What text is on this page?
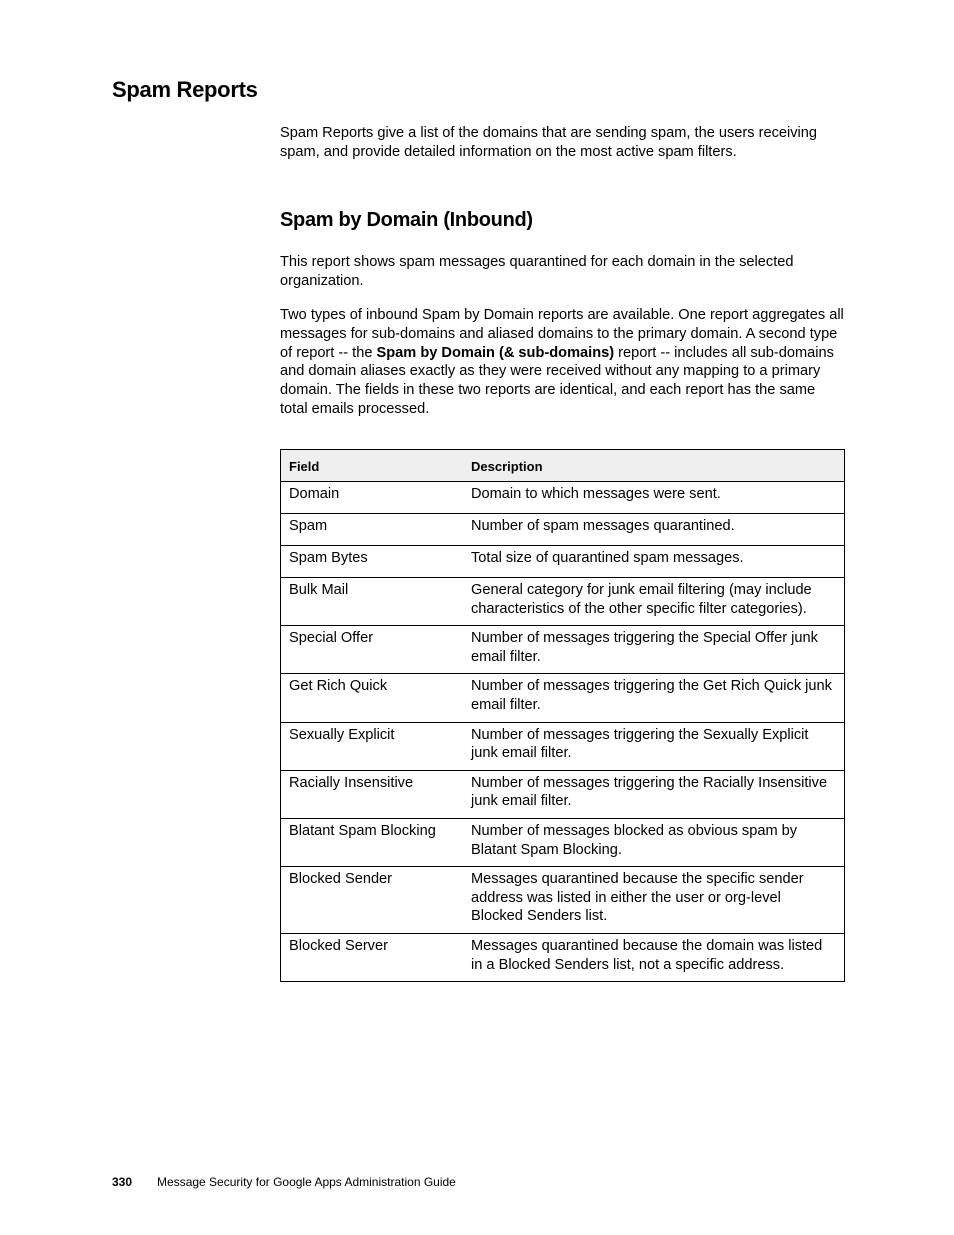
Spam Reports

Spam Reports give a list of the domains that are sending spam, the users receiving spam, and provide detailed information on the most active spam filters.

Spam by Domain (Inbound)

This report shows spam messages quarantined for each domain in the selected organization.

Two types of inbound Spam by Domain reports are available. One report aggregates all messages for sub-domains and aliased domains to the primary domain. A second type of report -- the Spam by Domain (& sub-domains) report -- includes all sub-domains and domain aliases exactly as they were received without any mapping to a primary domain. The fields in these two reports are identical, and each report has the same total emails processed.

Field	Description
Domain	Domain to which messages were sent.
Spam	Number of spam messages quarantined.
Spam Bytes	Total size of quarantined spam messages.
Bulk Mail	General category for junk email filtering (may include characteristics of the other specific filter categories).
Special Offer	Number of messages triggering the Special Offer junk email filter.
Get Rich Quick	Number of messages triggering the Get Rich Quick junk email filter.
Sexually Explicit	Number of messages triggering the Sexually Explicit junk email filter.
Racially Insensitive	Number of messages triggering the Racially Insensitive junk email filter.
Blatant Spam Blocking	Number of messages blocked as obvious spam by Blatant Spam Blocking.
Blocked Sender	Messages quarantined because the specific sender address was listed in either the user or org-level Blocked Senders list.
Blocked Server	Messages quarantined because the domain was listed in a Blocked Senders list, not a specific address.
330 Message Security for Google Apps Administration Guide
